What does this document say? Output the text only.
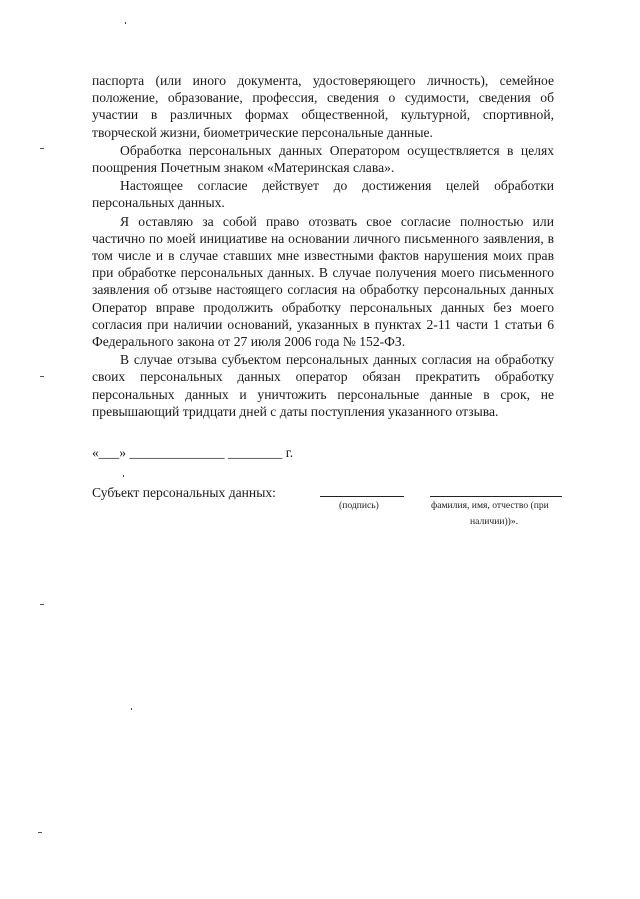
паспорта (или иного документа, удостоверяющего личность), семейное положение, образование, профессия, сведения о судимости, сведения об участии в различных формах общественной, культурной, спортивной, творческой жизни, биометрические персональные данные.

Обработка персональных данных Оператором осуществляется в целях поощрения Почетным знаком «Материнская слава».

Настоящее согласие действует до достижения целей обработки персональных данных.

Я оставляю за собой право отозвать свое согласие полностью или частично по моей инициативе на основании личного письменного заявления, в том числе и в случае ставших мне известными фактов нарушения моих прав при обработке персональных данных. В случае получения моего письменного заявления об отзыве настоящего согласия на обработку персональных данных Оператор вправе продолжить обработку персональных данных без моего согласия при наличии оснований, указанных в пунктах 2-11 части 1 статьи 6 Федерального закона от 27 июля 2006 года № 152-ФЗ.

В случае отзыва субъектом персональных данных согласия на обработку своих персональных данных оператор обязан прекратить обработку персональных данных и уничтожить персональные данные в срок, не превышающий тридцати дней с даты поступления указанного отзыва.

«___» ______________ ________ г.
Субъект персональных данных:
(подпись)	фамилия, имя, отчество (при
наличии))».
